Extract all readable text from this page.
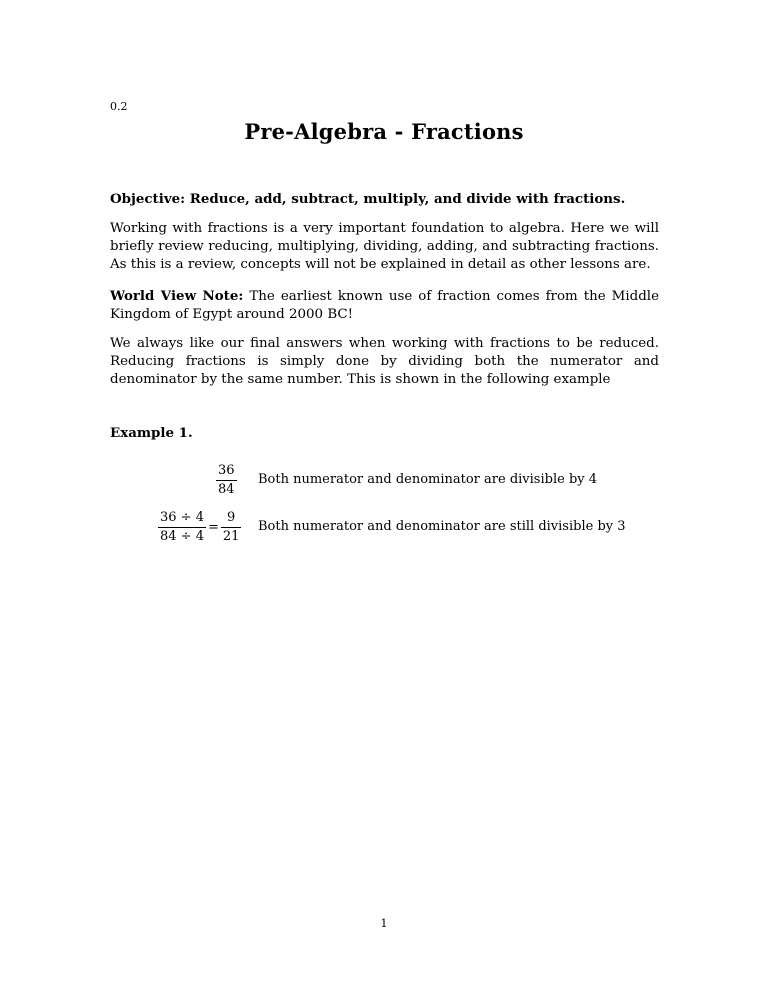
0.2
Pre-Algebra - Fractions

Objective: Reduce, add, subtract, multiply, and divide with fractions.

Working with fractions is a very important foundation to algebra. Here we will briefly review reducing, multiplying, dividing, adding, and subtracting fractions. As this is a review, concepts will not be explained in detail as other lessons are.

World View Note: The earliest known use of fraction comes from the Middle Kingdom of Egypt around 2000 BC!

We always like our final answers when working with fractions to be reduced. Reducing fractions is simply done by dividing both the numerator and denominator by the same number. This is shown in the following example

Example 1.
$\frac{36}{84}$ Both numerator and denominator are divisible by 4
$\frac{36 \div 4}{84 \div 4} = \frac{9}{21}$ Both numerator and denominator are still divisible by 3
1
